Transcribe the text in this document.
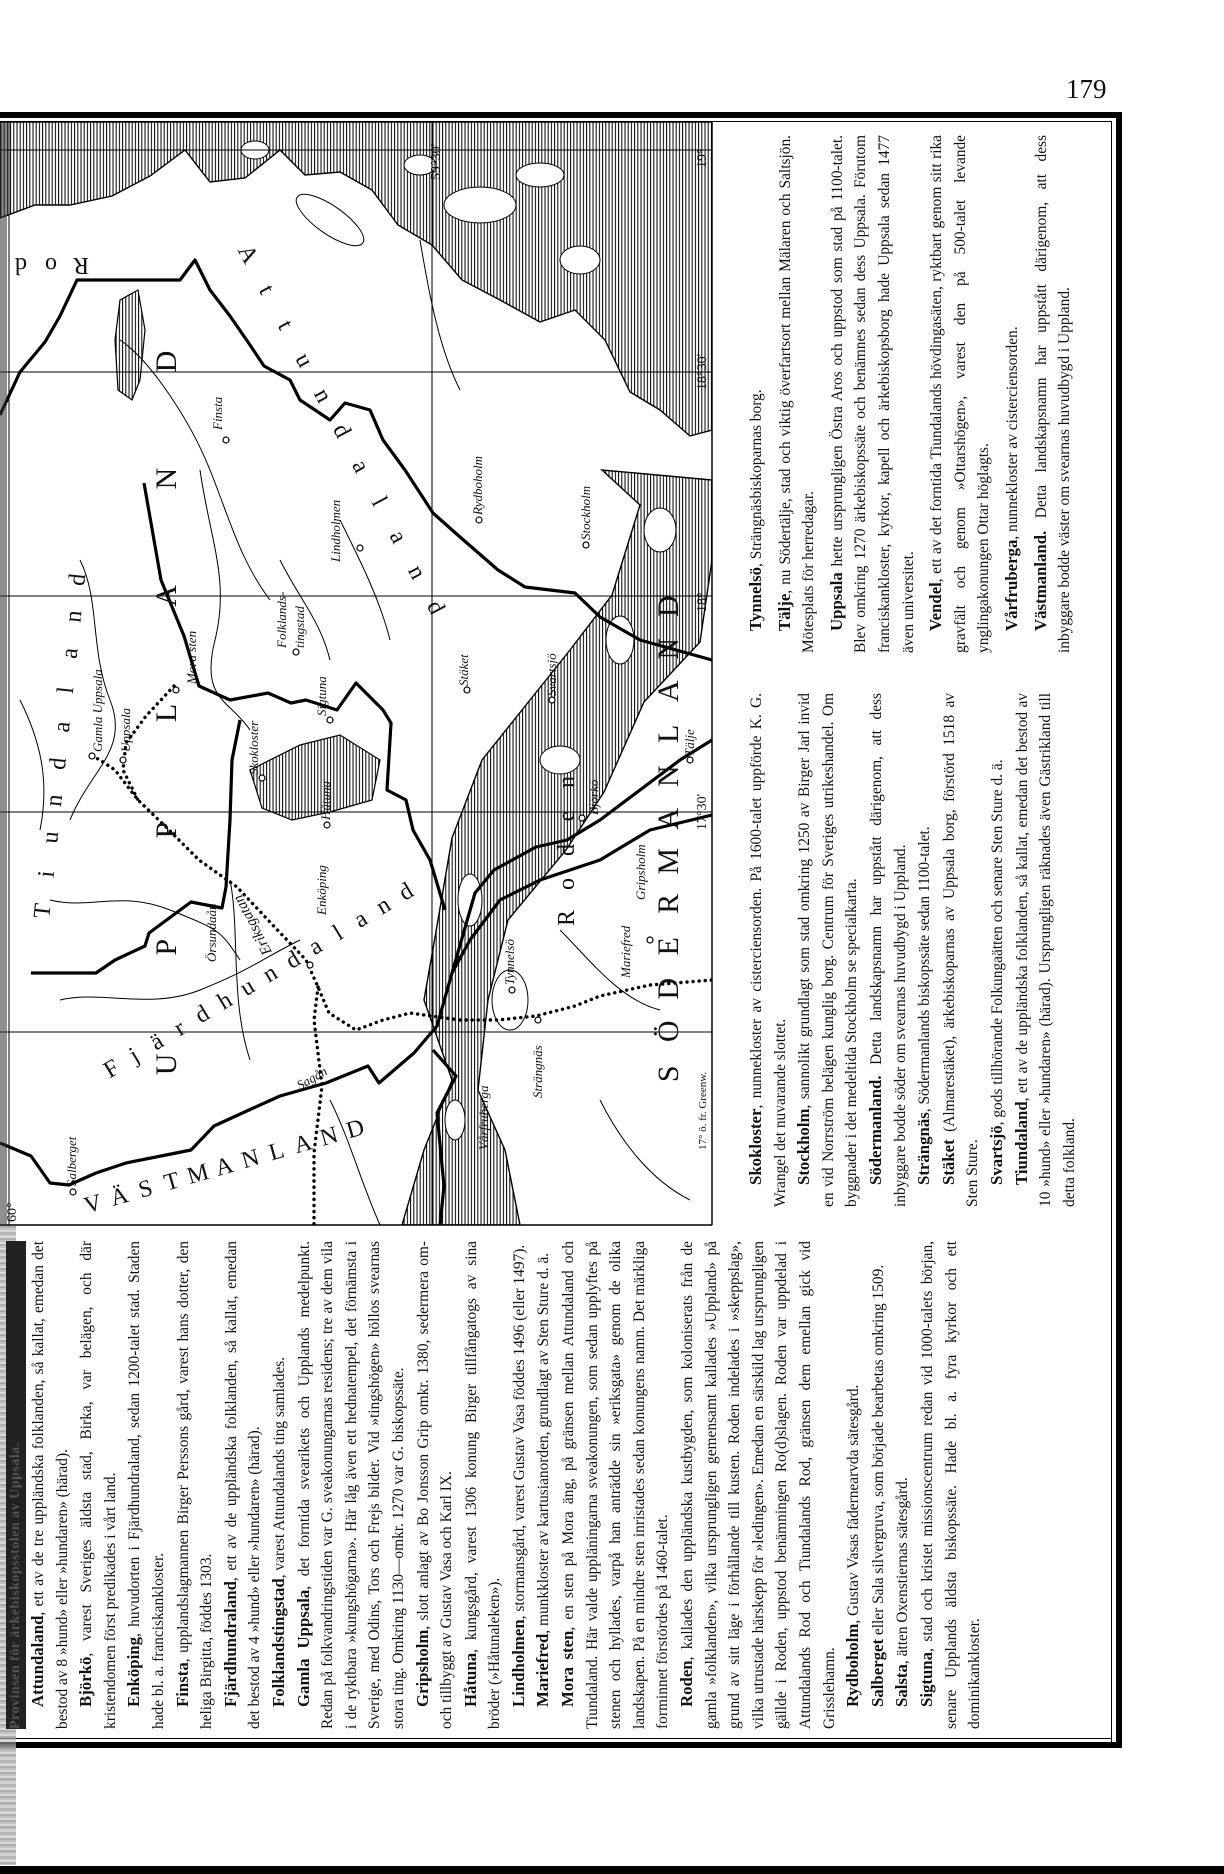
179
U
P
P
L
A
N
D
S
Ö
D
E
R
M
A
N
L
A
N
D
V Ä S T M A N L A N D
F j ä r d h
u n d a l a n
d
A
t
t
u
n
d
a
l
a
n
d
T
i
u
n
d
a
l
a
n
d
R
o
d
R
o
d
e
n
Finsta
Lindholmen
Rydboholm	Stockholm
Folklands- tingstad
Mora sten
Gamla Uppsala Uppsala
Sigtuna
Skokloster
Håtuna
Stäket	Svartsjö
Björkö
Enköping
Örsundaån Eriksgatan
Sagån
Salberget
Tynnelsö
Strängnäs
Vårfruberga
Mariefred
Gripsholm
Tälje
60°
59°30'	19°
18°30'
18°
17°30'
17° ö. fr. Greenw.

Provinsen för ärkebiskopsstolen av Uppsala. Attundaland, ett av de tre uppländska folklanden, så kallat, emedan det bestod av 8 »hund» eller »hundaren» (härad). Björkö, varest Sveriges äldsta stad, Birka, var belägen, och där kristendomen först predikades i vårt land. Enköping, huvudorten i Fjärdhundraland, sedan 1200-talet stad. Staden hade bl. a. franciskankloster. Finsta, upplandslagmannen Birger Perssons gård, varest hans dotter, den heliga Birgitta, föddes 1303. Fjärdhundraland, ett av de uppländska folklanden, så kallat, emedan det bestod av 4 »hund» eller »hundaren» (härad). Folklandstingstad, varest Attundalands ting samlades.

Gamla Uppsala, det forntida svearikets och Upplands medelpunkt. Redan på folkvandringstiden var G. sveakonungarnas residens; tre av dem vila i de ryktbara »kungshögarna». Här låg även ett hednatempel, det förnämsta i Sverige, med Odins, Tors och Frejs bilder. Vid »tingshögen» höllos svearnas stora ting. Omkring 1130—omkr. 1270 var G. biskopssäte. Gripsholm, slott anlagt av Bo Jonsson Grip omkr. 1380, sedermera om- och tillbyggt av Gustav Vasa och Karl IX. Håtuna, kungsgård, varest 1306 konung Birger tillfångatogs av sina bröder (»Håtunaleken»). Lindholmen, stormansgård, varest Gustav Vasa föddes 1496 (eller 1497).

Mariefred, munkkloster av kartusianorden, grundlagt av Sten Sture d. ä.

Mora sten, en sten på Mora äng, på gränsen mellan Attundaland och Tiundaland. Här valde uppläningarna sveakonungen, som sedan upplyftes på stenen och hyllades, varpå han anträdde sin »eriksgata» genom de olika landskapen. På en mindre sten inristades sedan konungens namn. Det märkliga forminnet förstördes på 1460-talet. Roden, kallades den uppländska kustbygden, som koloniserats från de gamla »folklanden», vilka ursprungligen gemensamt kallades »Uppland» på grund av sitt läge i förhållande till kusten. Roden indelades i »skeppslag», vilka utrustade härskepp för »ledingen». Emedan en särskild lag ursprungligen gällde i Roden, uppstod benämningen Ro(d)slagen. Roden var uppdelad i Attundalands Rod och Tiundalands Rod, gränsen dem emellan gick vid Grisslehamn. Rydboholm, Gustav Vasas fädernearvda sätesgård.

Salberget eller Sala silvergruva, som började bearbetas omkring 1509.

Salsta, ätten Oxenstiernas sätesgård.

Sigtuna, stad och kristet missionscentrum redan vid 1000-talets början, senare Upplands äldsta biskopssäte. Hade bl. a. fyra kyrkor och ett dominikankloster.

Skokloster, nunnekloster av cisterciensorden. På 1600-talet uppförde K. G. Wrangel det nuvarande slottet. Stockholm, sannolikt grundlagt som stad omkring 1250 av Birger Jarl invid en vid Norrström belägen kunglig borg. Centrum för Sveriges utrikeshandel. Om byggnader i det medeltida Stockholm se specialkarta. Södermanland. Detta landskapsnamn har uppstått därigenom, att dess inbyggare bodde söder om svearnas huvudbygd i Uppland. Strängnäs, Södermanlands biskopssäte sedan 1100-talet.

Stäket (Almarestäket), ärkebiskoparnas av Uppsala borg, förstörd 1518 av Sten Sture. Svartsjö, gods tillhörande Folkungaätten och senare Sten Sture d. ä.

Tiundaland, ett av de uppländska folklanden, så kallat, emedan det bestod av 10 »hund» eller »hundaren» (härad). Ursprungligen räknades även Gästrikland till detta folkland.

Tynnelsö, Strängnäsbiskoparnas borg.

Tälje, nu Södertälje, stad och viktig överfartsort mellan Mälaren och Saltsjön. Mötesplats för herredagar. Uppsala hette ursprungligen Östra Aros och uppstod som stad på 1100-talet. Blev omkring 1270 ärkebiskopssäte och benämnes sedan dess Uppsala. Förutom franciskankloster, kyrkor, kapell och ärkebiskopsborg hade Uppsala sedan 1477 även universitet. Vendel, ett av det forntida Tiundalands hövdingasäten, ryktbart genom sitt rika gravfält och genom »Ottarshögen», varest den på 500-talet levande ynglingakonungen Ottar höglagts. Vårfruberga, nunnekloster av cisterciensorden.

Västmanland. Detta landskapsnamn har uppstått därigenom, att dess inbyggare bodde väster om svearnas huvudbygd i Uppland.
